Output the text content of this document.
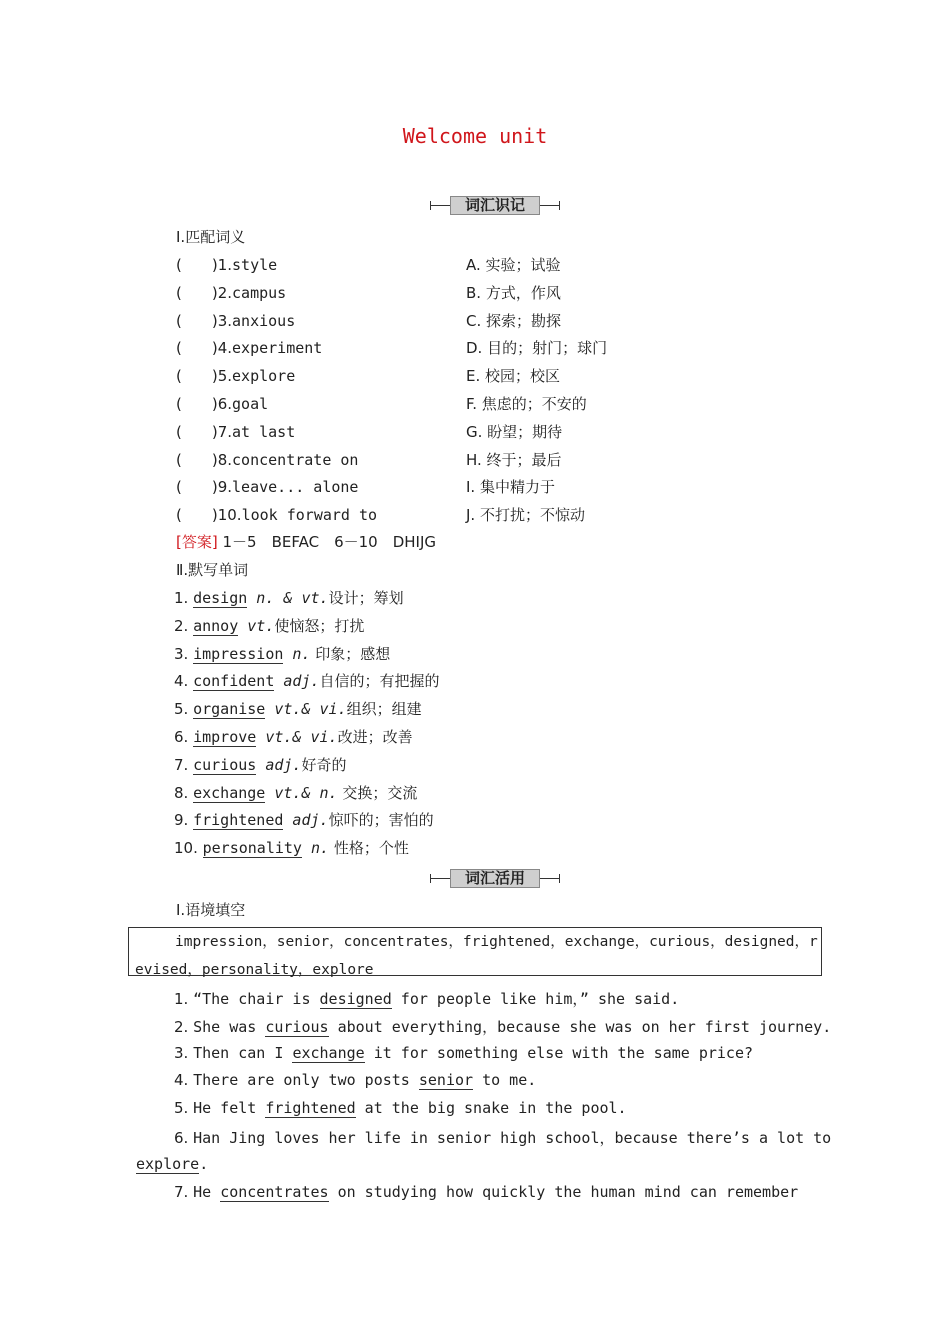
Welcome unit
词汇识记
Ⅰ.匹配词义
(　　)1.style	A. 实验；试验
(　　)2.campus	B. 方式，作风
(　　)3.anxious	C. 探索；勘探
(　　)4.experiment	D. 目的；射门；球门
(　　)5.explore	E. 校园；校区
(　　)6.goal	F. 焦虑的；不安的
(　　)7.at last	G. 盼望；期待
(　　)8.concentrate on	H. 终于；最后
(　　)9.leave... alone	I. 集中精力于
(　　)10.look forward to	J. 不打扰；不惊动
[答案] 1－5　BEFAC　6－10　DHIJG
Ⅱ.默写单词
1. design n. & vt.设计；筹划
2. annoy vt.使恼怒；打扰
3. impression n. 印象；感想
4. confident adj.自信的；有把握的
5. organise vt.& vi.组织；组建
6. improve vt.& vi.改进；改善
7. curious adj.好奇的
8. exchange vt.& n. 交换；交流
9. frightened adj.惊吓的；害怕的
10. personality n. 性格；个性
词汇活用
Ⅰ.语境填空
impression，senior，concentrates，frightened，exchange，curious，designed，r
evised，personality，explore
1. “The chair is designed for people like him，” she said.
2. She was curious about everything，because she was on her first journey.
3. Then can I exchange it for something else with the same price?
4. There are only two posts senior to me.
5. He felt frightened at the big snake in the pool.
6. Han Jing loves her life in senior high school，because there’s a lot to
explore.
7. He concentrates on studying how quickly the human mind can remember
